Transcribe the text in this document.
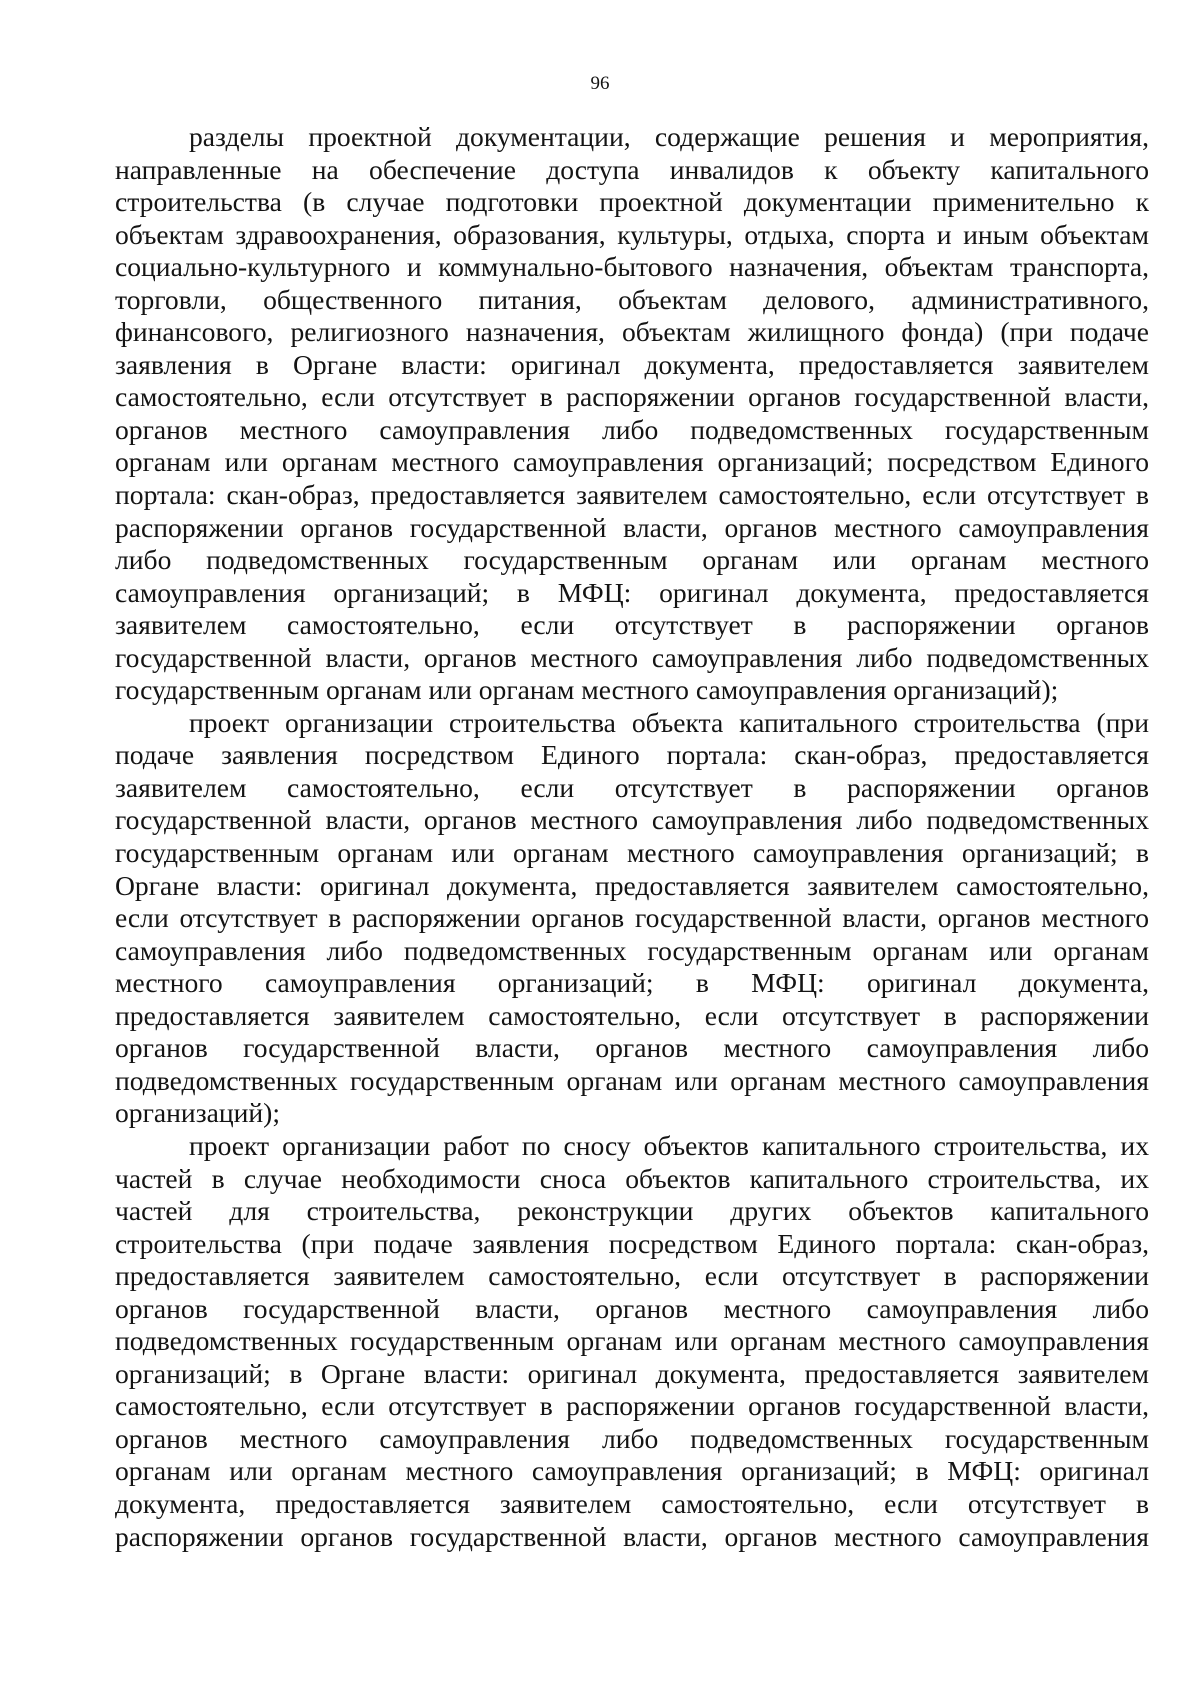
96

разделы проектной документации, содержащие решения и мероприятия,
направленные на обеспечение доступа инвалидов к объекту капитального
строительства (в случае подготовки проектной документации применительно к
объектам здравоохранения, образования, культуры, отдыха, спорта и иным объектам
социально-культурного и коммунально-бытового назначения, объектам транспорта,
торговли, общественного питания, объектам делового, административного,
финансового, религиозного назначения, объектам жилищного фонда) (при подаче
заявления в Органе власти: оригинал документа, предоставляется заявителем
самостоятельно, если отсутствует в распоряжении органов государственной власти,
органов местного самоуправления либо подведомственных государственным
органам или органам местного самоуправления организаций; посредством Единого
портала: скан-образ, предоставляется заявителем самостоятельно, если отсутствует в
распоряжении органов государственной власти, органов местного самоуправления
либо подведомственных государственным органам или органам местного
самоуправления организаций; в МФЦ: оригинал документа, предоставляется
заявителем самостоятельно, если отсутствует в распоряжении органов
государственной власти, органов местного самоуправления либо подведомственных
государственным органам или органам местного самоуправления организаций);

проект организации строительства объекта капитального строительства (при
подаче заявления посредством Единого портала: скан-образ, предоставляется
заявителем самостоятельно, если отсутствует в распоряжении органов
государственной власти, органов местного самоуправления либо подведомственных
государственным органам или органам местного самоуправления организаций; в
Органе власти: оригинал документа, предоставляется заявителем самостоятельно,
если отсутствует в распоряжении органов государственной власти, органов местного
самоуправления либо подведомственных государственным органам или органам
местного самоуправления организаций; в МФЦ: оригинал документа,
предоставляется заявителем самостоятельно, если отсутствует в распоряжении
органов государственной власти, органов местного самоуправления либо
подведомственных государственным органам или органам местного самоуправления
организаций);

проект организации работ по сносу объектов капитального строительства, их
частей в случае необходимости сноса объектов капитального строительства, их
частей для строительства, реконструкции других объектов капитального
строительства (при подаче заявления посредством Единого портала: скан-образ,
предоставляется заявителем самостоятельно, если отсутствует в распоряжении
органов государственной власти, органов местного самоуправления либо
подведомственных государственным органам или органам местного самоуправления
организаций; в Органе власти: оригинал документа, предоставляется заявителем
самостоятельно, если отсутствует в распоряжении органов государственной власти,
органов местного самоуправления либо подведомственных государственным
органам или органам местного самоуправления организаций; в МФЦ: оригинал
документа, предоставляется заявителем самостоятельно, если отсутствует в
распоряжении органов государственной власти, органов местного самоуправления
